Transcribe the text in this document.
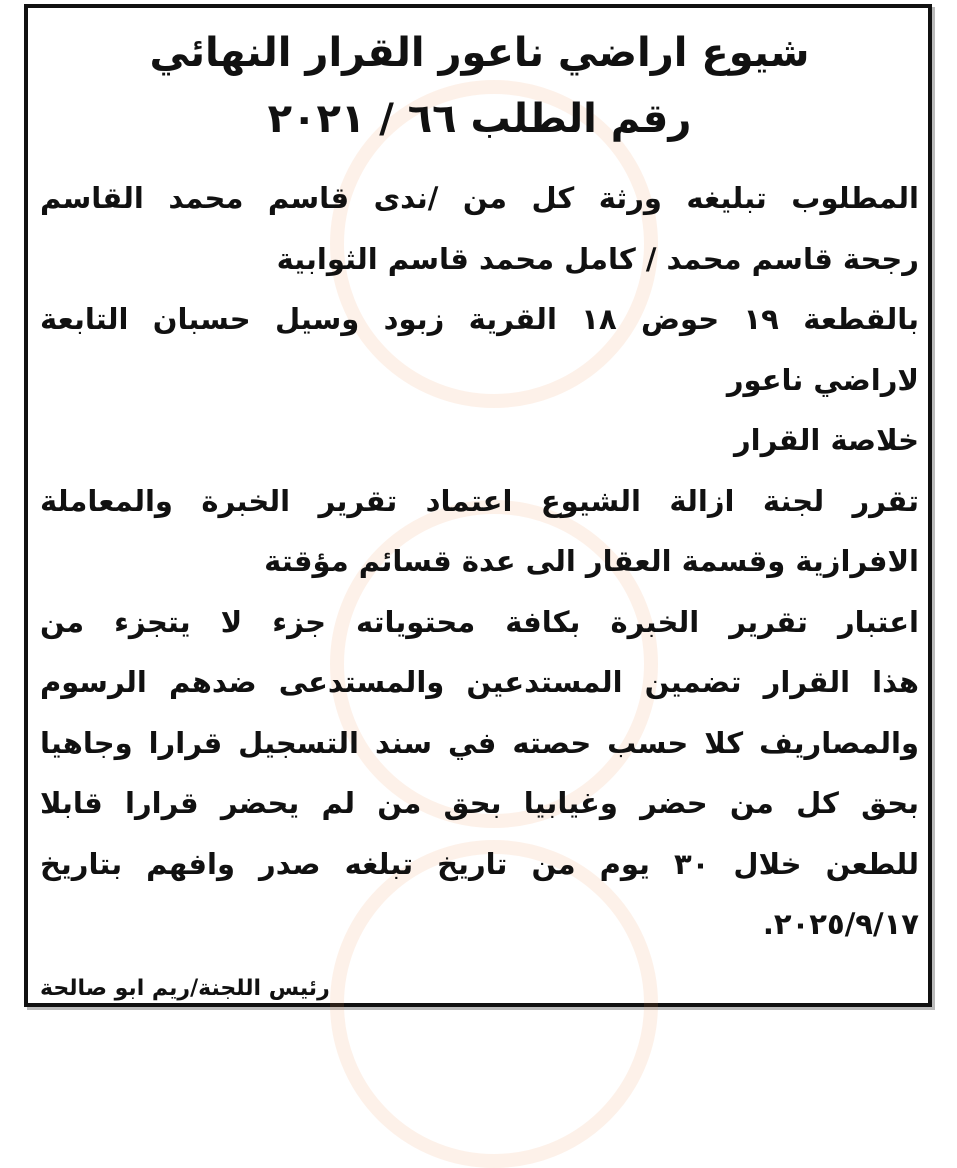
شيوع اراضي ناعور القرار النهائي
رقم الطلب ٦٦ / ٢٠٢١
المطلوب تبليغه ورثة كل من /ندى قاسم محمد القاسم
رجحة قاسم محمد / كامل محمد قاسم الثوابية
بالقطعة ١٩ حوض ١٨ القرية زبود وسيل حسبان التابعة
لاراضي ناعور
خلاصة القرار
تقرر لجنة ازالة الشيوع اعتماد تقرير الخبرة والمعاملة
الافرازية وقسمة العقار الى عدة قسائم مؤقتة
اعتبار تقرير الخبرة بكافة محتوياته جزء لا يتجزء من
هذا القرار تضمين المستدعين والمستدعى ضدهم الرسوم
والمصاريف كلا حسب حصته في سند التسجيل قرارا وجاهيا
بحق كل من حضر وغيابيا بحق من لم يحضر قرارا قابلا
للطعن خلال ٣٠ يوم من تاريخ تبلغه صدر وافهم بتاريخ
٢٠٢٥/٩/١٧.
رئيس اللجنة/ريم ابو صالحة
